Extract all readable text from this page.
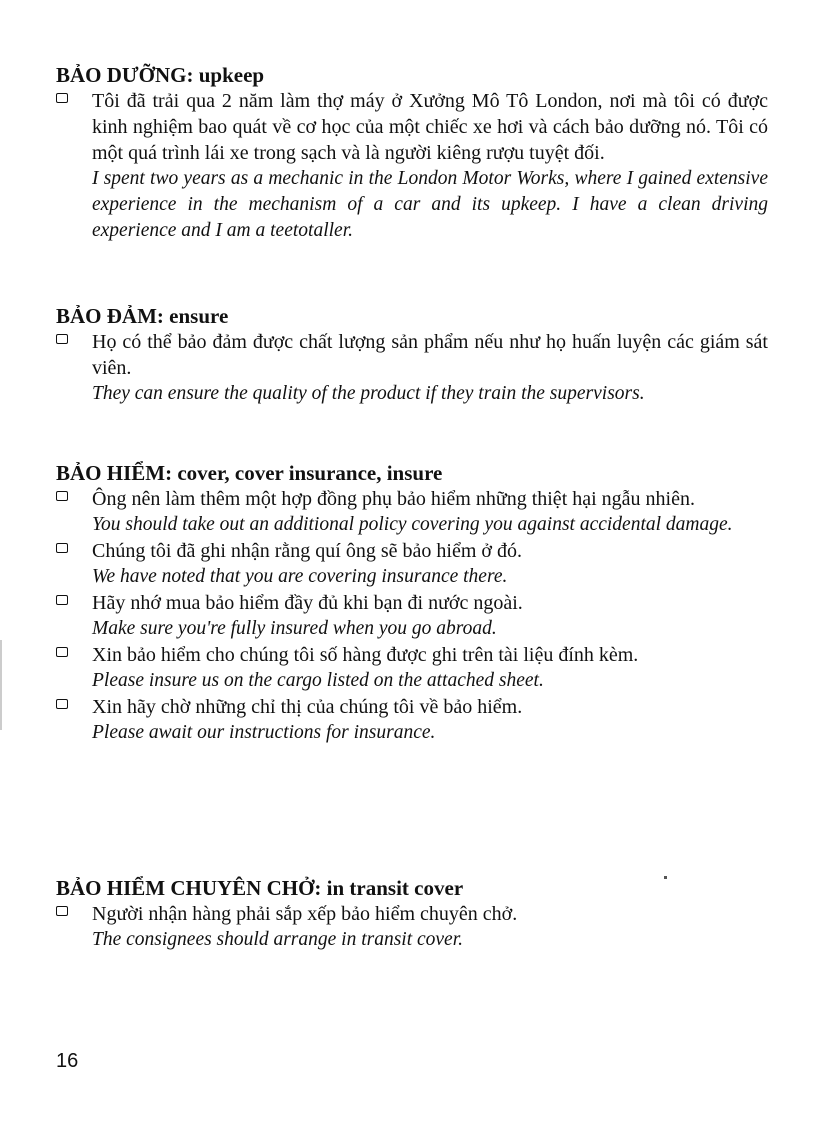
BẢO DƯỠNG: upkeep
Tôi đã trải qua 2 năm làm thợ máy ở Xưởng Mô Tô London, nơi mà tôi có được kinh nghiệm bao quát về cơ học của một chiếc xe hơi và cách bảo dưỡng nó. Tôi có một quá trình lái xe trong sạch và là người kiêng rượu tuyệt đối.
I spent two years as a mechanic in the London Motor Works, where I gained extensive experience in the mechanism of a car and its upkeep. I have a clean driving experience and I am a teetotaller.
BẢO ĐẢM: ensure
Họ có thể bảo đảm được chất lượng sản phẩm nếu như họ huấn luyện các giám sát viên.
They can ensure the quality of the product if they train the supervisors.
BẢO HIỂM: cover, cover insurance, insure
Ông nên làm thêm một hợp đồng phụ bảo hiểm những thiệt hại ngẫu nhiên.
You should take out an additional policy covering you against accidental damage.
Chúng tôi đã ghi nhận rằng quí ông sẽ bảo hiểm ở đó.
We have noted that you are covering insurance there.
Hãy nhớ mua bảo hiểm đầy đủ khi bạn đi nước ngoài.
Make sure you're fully insured when you go abroad.
Xin bảo hiểm cho chúng tôi số hàng được ghi trên tài liệu đính kèm.
Please insure us on the cargo listed on the attached sheet.
Xin hãy chờ những chỉ thị của chúng tôi về bảo hiểm.
Please await our instructions for insurance.
BẢO HIỂM CHUYÊN CHỞ: in transit cover
Người nhận hàng phải sắp xếp bảo hiểm chuyên chở.
The consignees should arrange in transit cover.
16
